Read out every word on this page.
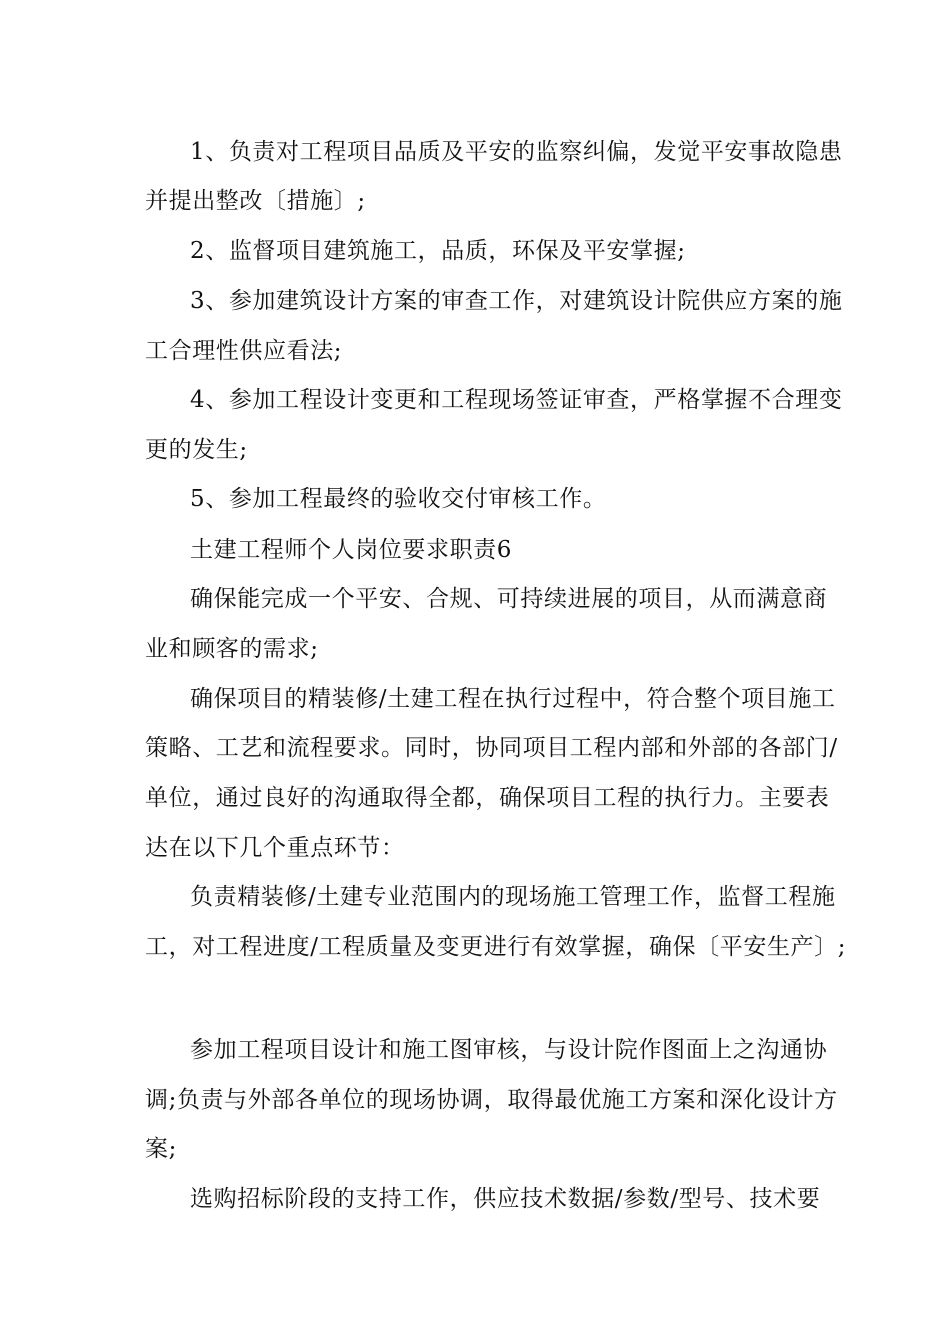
1、负责对工程项目品质及平安的监察纠偏，发觉平安事故隐患
并提出整改〔措施〕;
2、监督项目建筑施工，品质，环保及平安掌握;
3、参加建筑设计方案的审查工作，对建筑设计院供应方案的施
工合理性供应看法;
4、参加工程设计变更和工程现场签证审查，严格掌握不合理变
更的发生;
5、参加工程最终的验收交付审核工作。
土建工程师个人岗位要求职责6
确保能完成一个平安、合规、可持续进展的项目，从而满意商
业和顾客的需求;
确保项目的精装修/土建工程在执行过程中，符合整个项目施工
策略、工艺和流程要求。同时，协同项目工程内部和外部的各部门/
单位，通过良好的沟通取得全都，确保项目工程的执行力。主要表
达在以下几个重点环节：
负责精装修/土建专业范围内的现场施工管理工作，监督工程施
工，对工程进度/工程质量及变更进行有效掌握，确保〔平安生产〕;
参加工程项目设计和施工图审核，与设计院作图面上之沟通协
调;负责与外部各单位的现场协调，取得最优施工方案和深化设计方
案;
选购招标阶段的支持工作，供应技术数据/参数/型号、技术要
